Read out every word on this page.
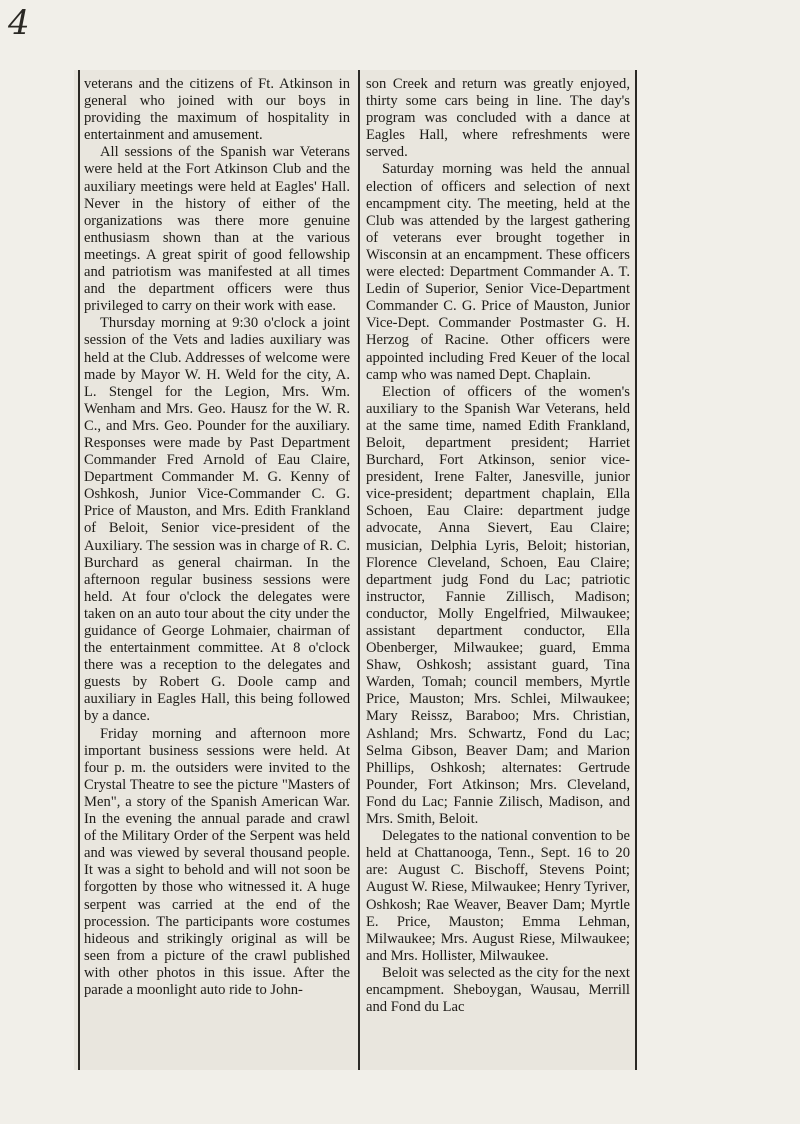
4

veterans and the citizens of Ft. Atkinson in general who joined with our boys in providing the maximum of hospitality in entertainment and amusement.

All sessions of the Spanish war Veterans were held at the Fort Atkinson Club and the auxiliary meetings were held at Eagles' Hall. Never in the history of either of the organizations was there more genuine enthusiasm shown than at the various meetings. A great spirit of good fellowship and patriotism was manifested at all times and the department officers were thus privileged to carry on their work with ease.

Thursday morning at 9:30 o'clock a joint session of the Vets and ladies auxiliary was held at the Club. Addresses of welcome were made by Mayor W. H. Weld for the city, A. L. Stengel for the Legion, Mrs. Wm. Wenham and Mrs. Geo. Hausz for the W. R. C., and Mrs. Geo. Pounder for the auxiliary. Responses were made by Past Department Commander Fred Arnold of Eau Claire, Department Commander M. G. Kenny of Oshkosh, Junior Vice-Commander C. G. Price of Mauston, and Mrs. Edith Frankland of Beloit, Senior vice-president of the Auxiliary. The session was in charge of R. C. Burchard as general chairman. In the afternoon regular business sessions were held. At four o'clock the delegates were taken on an auto tour about the city under the guidance of George Lohmaier, chairman of the entertainment committee. At 8 o'clock there was a reception to the delegates and guests by Robert G. Doole camp and auxiliary in Eagles Hall, this being followed by a dance.

Friday morning and afternoon more important business sessions were held. At four p. m. the outsiders were invited to the Crystal Theatre to see the picture "Masters of Men", a story of the Spanish American War. In the evening the annual parade and crawl of the Military Order of the Serpent was held and was viewed by several thousand people. It was a sight to behold and will not soon be forgotten by those who witnessed it. A huge serpent was carried at the end of the procession. The participants wore costumes hideous and strikingly original as will be seen from a picture of the crawl published with other photos in this issue. After the parade a moonlight auto ride to John-

son Creek and return was greatly enjoyed, thirty some cars being in line. The day's program was concluded with a dance at Eagles Hall, where refreshments were served.

Saturday morning was held the annual election of officers and selection of next encampment city. The meeting, held at the Club was attended by the largest gathering of veterans ever brought together in Wisconsin at an encampment. These officers were elected: Department Commander A. T. Ledin of Superior, Senior Vice-Department Commander C. G. Price of Mauston, Junior Vice-Dept. Commander Postmaster G. H. Herzog of Racine. Other officers were appointed including Fred Keuer of the local camp who was named Dept. Chaplain.

Election of officers of the women's auxiliary to the Spanish War Veterans, held at the same time, named Edith Frankland, Beloit, department president; Harriet Burchard, Fort Atkinson, senior vice-president, Irene Falter, Janesville, junior vice-president; department chaplain, Ella Schoen, Eau Claire: department judge advocate, Anna Sievert, Eau Claire; musician, Delphia Lyris, Beloit; historian, Florence Cleveland, Schoen, Eau Claire; department judg Fond du Lac; patriotic instructor, Fannie Zillisch, Madison; conductor, Molly Engelfried, Milwaukee; assistant department conductor, Ella Obenberger, Milwaukee; guard, Emma Shaw, Oshkosh; assistant guard, Tina Warden, Tomah; council members, Myrtle Price, Mauston; Mrs. Schlei, Milwaukee; Mary Reissz, Baraboo; Mrs. Christian, Ashland; Mrs. Schwartz, Fond du Lac; Selma Gibson, Beaver Dam; and Marion Phillips, Oshkosh; alternates: Gertrude Pounder, Fort Atkinson; Mrs. Cleveland, Fond du Lac; Fannie Zilisch, Madison, and Mrs. Smith, Beloit.

Delegates to the national convention to be held at Chattanooga, Tenn., Sept. 16 to 20 are: August C. Bischoff, Stevens Point; August W. Riese, Milwaukee; Henry Tyriver, Oshkosh; Rae Weaver, Beaver Dam; Myrtle E. Price, Mauston; Emma Lehman, Milwaukee; Mrs. August Riese, Milwaukee; and Mrs. Hollister, Milwaukee.

Beloit was selected as the city for the next encampment. Sheboygan, Wausau, Merrill and Fond du Lac
